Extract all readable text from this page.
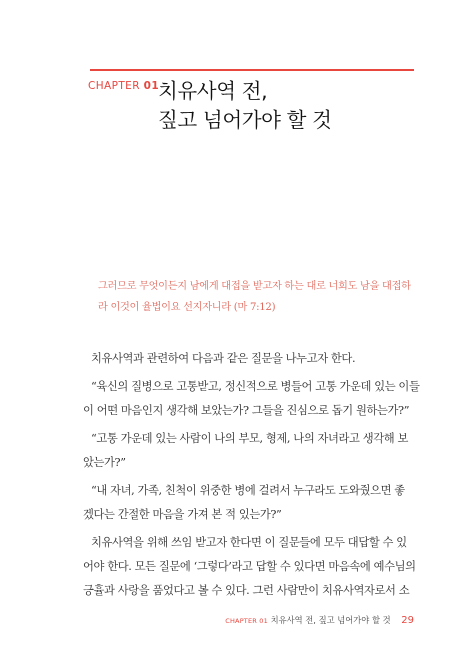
CHAPTER 01
치유사역 전,
짚고 넘어가야 할 것
그러므로 무엇이든지 남에게 대접을 받고자 하는 대로 너희도 남을 대접하
라 이것이 율법이요 선지자니라 (마 7:12)

치유사역과 관련하여 다음과 같은 질문을 나누고자 한다.

“육신의 질병으로 고통받고, 정신적으로 병들어 고통 가운데 있는 이들
이 어떤 마음인지 생각해 보았는가? 그들을 진심으로 돕기 원하는가?”

“고통 가운데 있는 사람이 나의 부모, 형제, 나의 자녀라고 생각해 보
았는가?”

“내 자녀, 가족, 친척이 위중한 병에 걸려서 누구라도 도와줬으면 좋
겠다는 간절한 마음을 가져 본 적 있는가?”

치유사역을 위해 쓰임 받고자 한다면 이 질문들에 모두 대답할 수 있
어야 한다. 모든 질문에 ‘그렇다’라고 답할 수 있다면 마음속에 예수님의
긍휼과 사랑을 품었다고 볼 수 있다. 그런 사람만이 치유사역자로서 소

CHAPTER 01 치유사역 전, 짚고 넘어가야 할 것 29
